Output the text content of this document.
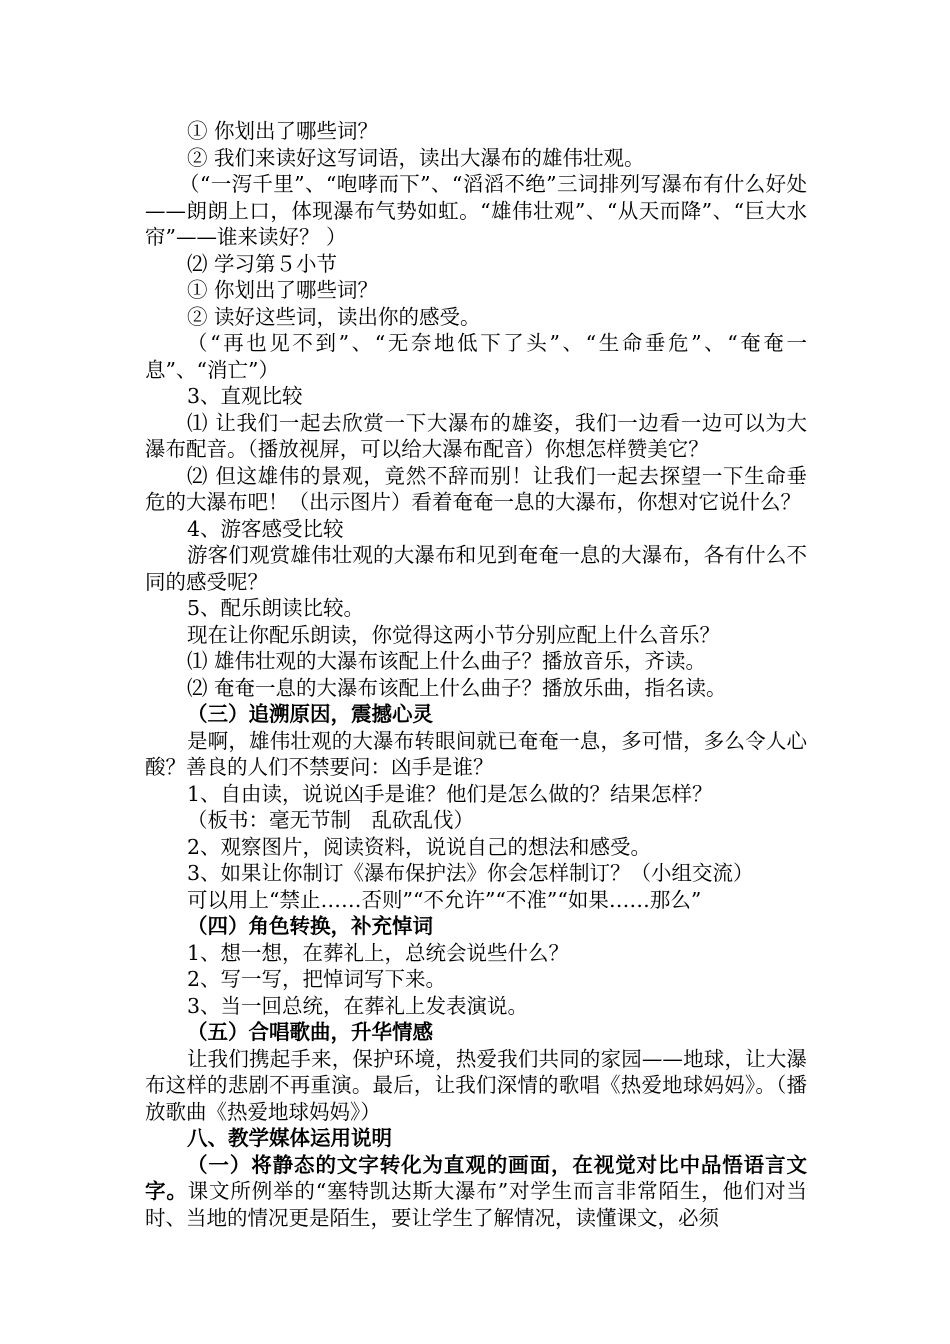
① 你划出了哪些词？

② 我们来读好这写词语，读出大瀑布的雄伟壮观。

（“一泻千里”、“咆哮而下”、“滔滔不绝”三词排列写瀑布有什么好处——朗朗上口，体现瀑布气势如虹。“雄伟壮观”、“从天而降”、“巨大水帘”——谁来读好？ ）

⑵ 学习第５小节

① 你划出了哪些词？

② 读好这些词，读出你的感受。

（“再也见不到”、“无奈地低下了头”、“生命垂危”、“奄奄一息”、“消亡”）

3、直观比较

⑴ 让我们一起去欣赏一下大瀑布的雄姿，我们一边看一边可以为大瀑布配音。（播放视屏，可以给大瀑布配音）你想怎样赞美它？

⑵ 但这雄伟的景观，竟然不辞而别！让我们一起去探望一下生命垂危的大瀑布吧！（出示图片）看着奄奄一息的大瀑布，你想对它说什么？

4、游客感受比较

游客们观赏雄伟壮观的大瀑布和见到奄奄一息的大瀑布，各有什么不同的感受呢？

5、配乐朗读比较。

现在让你配乐朗读，你觉得这两小节分别应配上什么音乐？

⑴ 雄伟壮观的大瀑布该配上什么曲子？播放音乐，齐读。

⑵ 奄奄一息的大瀑布该配上什么曲子？播放乐曲，指名读。

（三）追溯原因，震撼心灵

是啊，雄伟壮观的大瀑布转眼间就已奄奄一息，多可惜，多么令人心酸？善良的人们不禁要问：凶手是谁？

1、自由读，说说凶手是谁？他们是怎么做的？结果怎样？

（板书：毫无节制　乱砍乱伐）

2、观察图片，阅读资料，说说自己的想法和感受。

3、如果让你制订《瀑布保护法》你会怎样制订？（小组交流）

可以用上“禁止……否则”“不允许”“不准”“如果……那么”

（四）角色转换，补充悼词

1、想一想，在葬礼上，总统会说些什么？

2、写一写，把悼词写下来。

3、当一回总统，在葬礼上发表演说。

（五）合唱歌曲，升华情感

让我们携起手来，保护环境，热爱我们共同的家园——地球，让大瀑布这样的悲剧不再重演。最后，让我们深情的歌唱《热爱地球妈妈》。（播放歌曲《热爱地球妈妈》）

八、教学媒体运用说明

（一）将静态的文字转化为直观的画面，在视觉对比中品悟语言文字。课文所例举的“塞特凯达斯大瀑布”对学生而言非常陌生，他们对当时、当地的情况更是陌生，要让学生了解情况，读懂课文，必须
